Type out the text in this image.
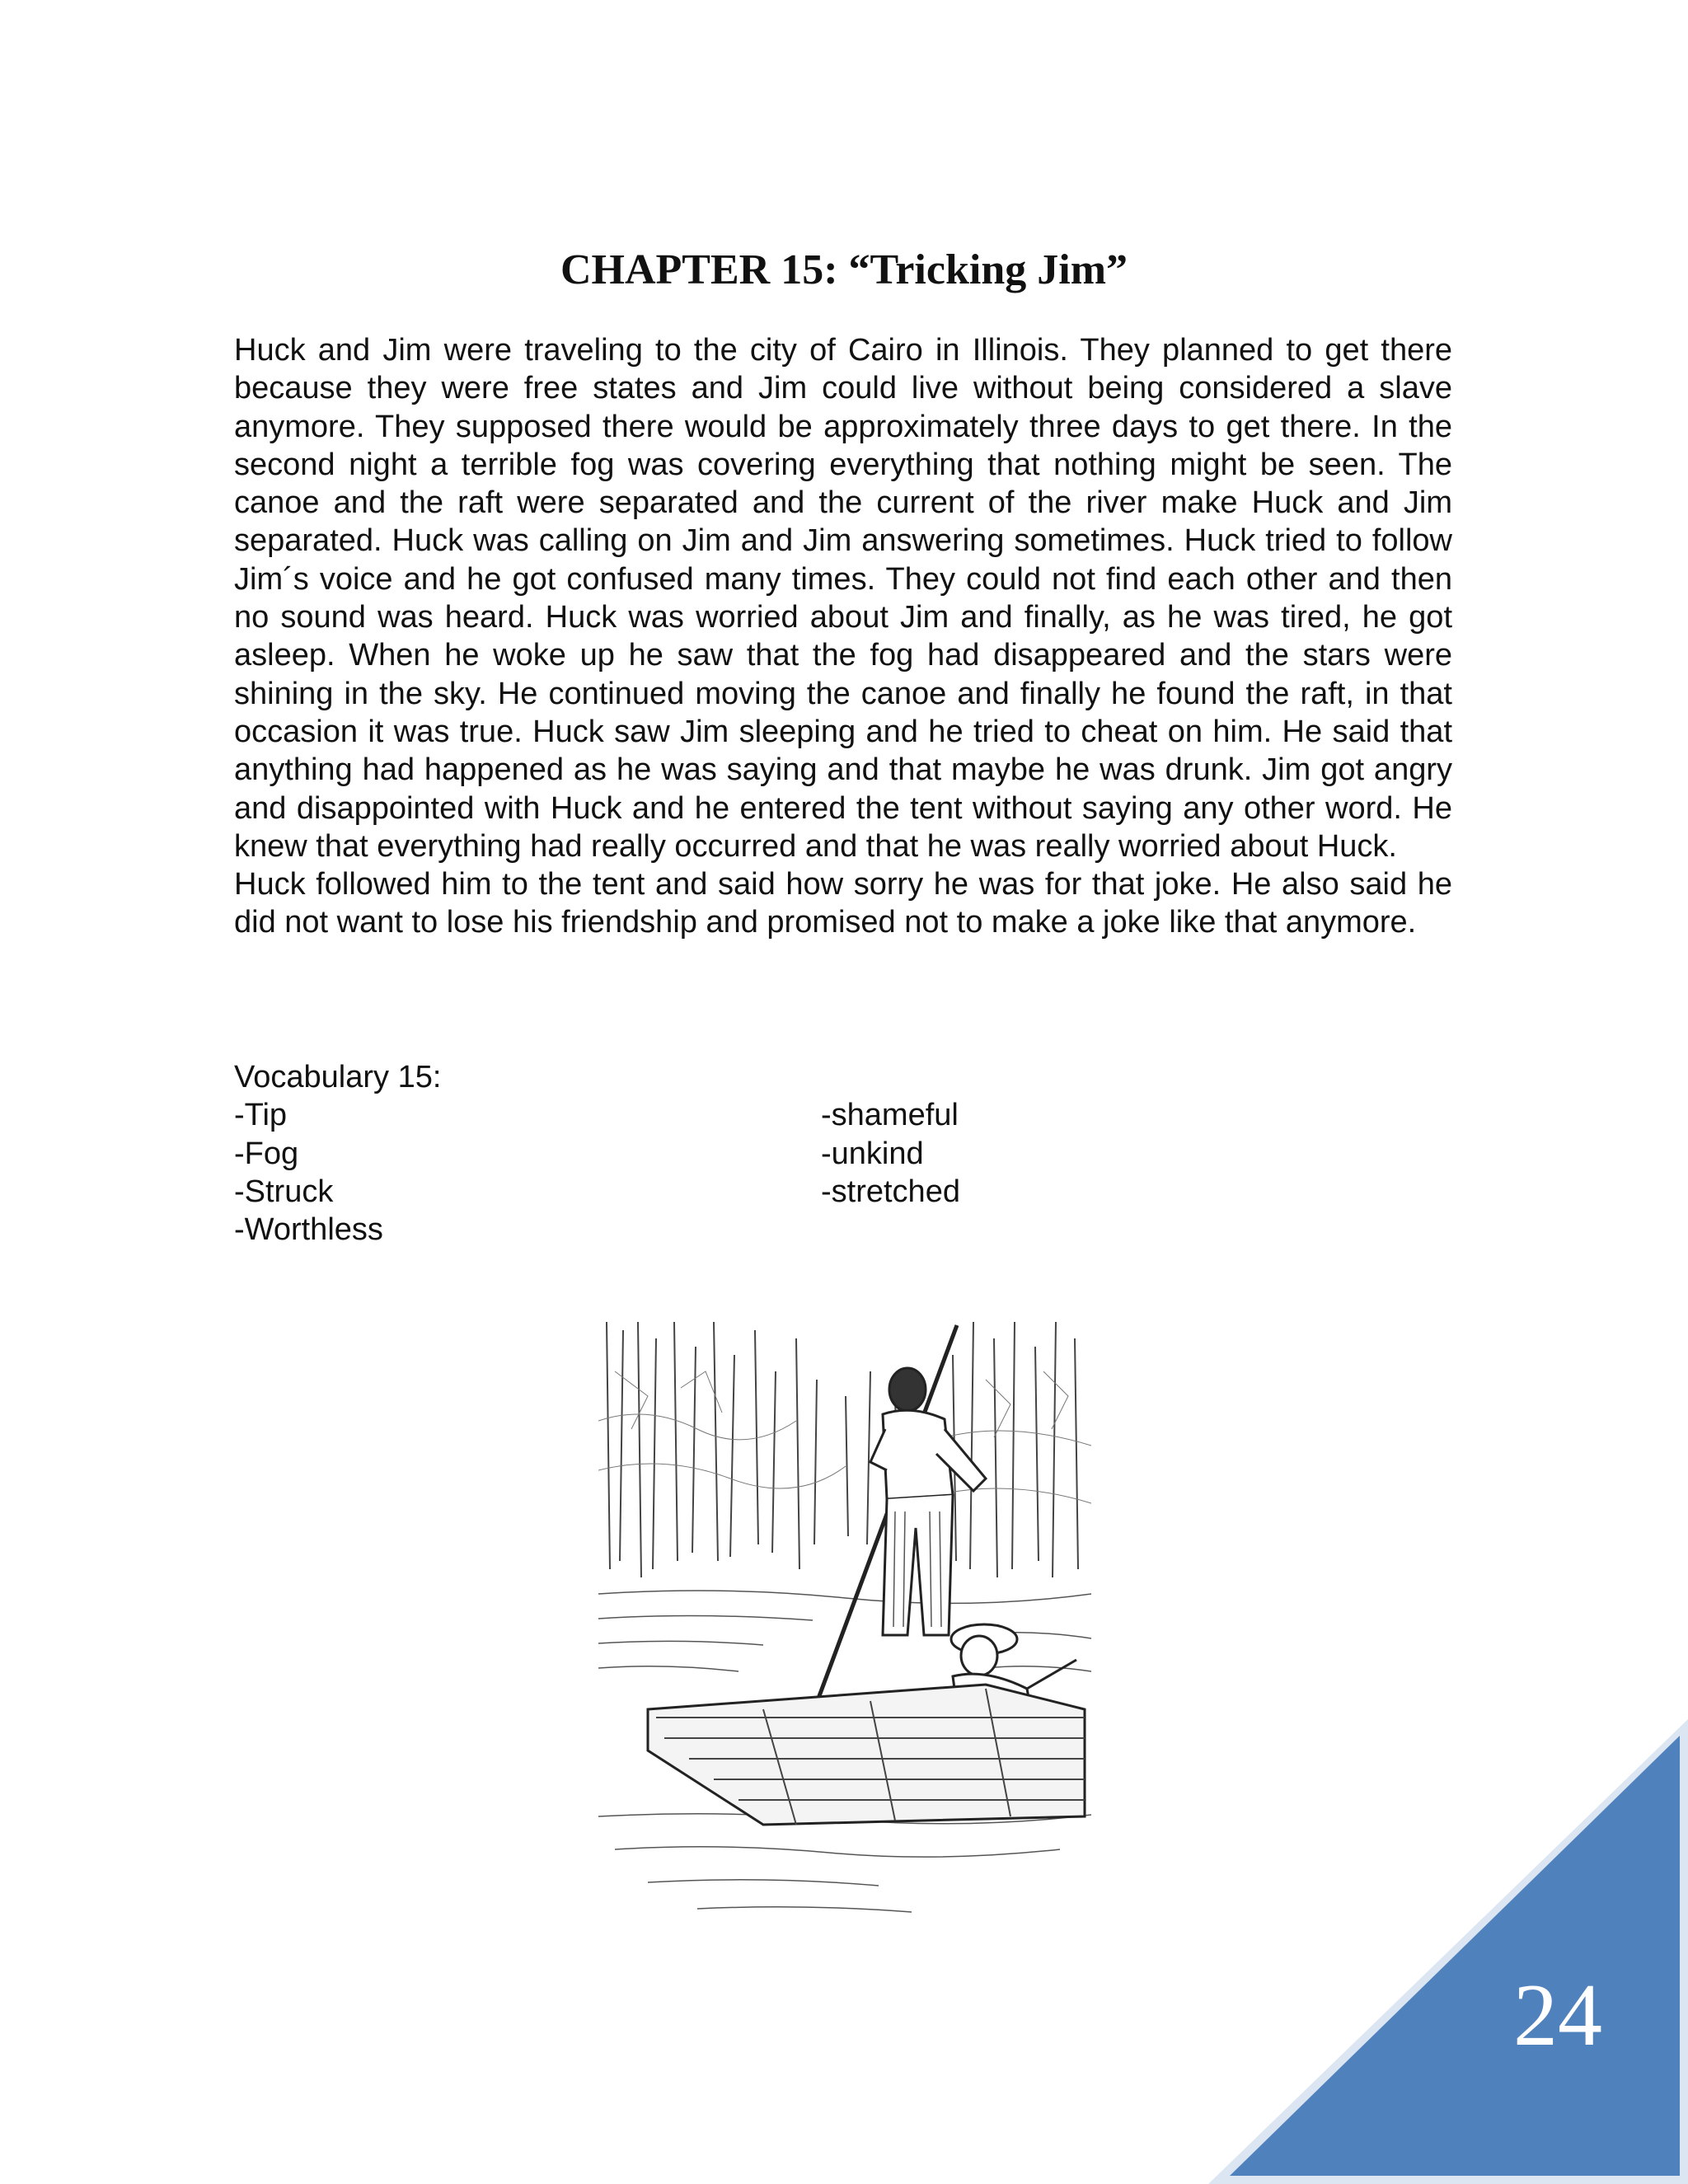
CHAPTER 15: “Tricking Jim”

Huck and Jim were traveling to the city of Cairo in Illinois. They planned to get there because they were free states and Jim could live without being considered a slave anymore. They supposed there would be approximately three days to get there. In the second night a terrible fog was covering everything that nothing might be seen. The canoe and the raft were separated and the current of the river make Huck and Jim separated. Huck was calling on Jim and Jim answering sometimes. Huck tried to follow Jim´s voice and he got confused many times. They could not find each other and then no sound was heard. Huck was worried about Jim and finally, as he was tired, he got asleep. When he woke up he saw that the fog had disappeared and the stars were shining in the sky. He continued moving the canoe and finally he found the raft, in that occasion it was true. Huck saw Jim sleeping and he tried to cheat on him. He said that anything had happened as he was saying and that maybe he was drunk. Jim got angry and disappointed with Huck and he entered the tent without saying any other word. He knew that everything had really occurred and that he was really worried about Huck.

Huck followed him to the tent and said how sorry he was for that joke. He also said he did not want to lose his friendship and promised not to make a joke like that anymore.

Vocabulary 15:

-Tip
-Fog
-Struck
-Worthless
-shameful
-unkind
-stretched
24
